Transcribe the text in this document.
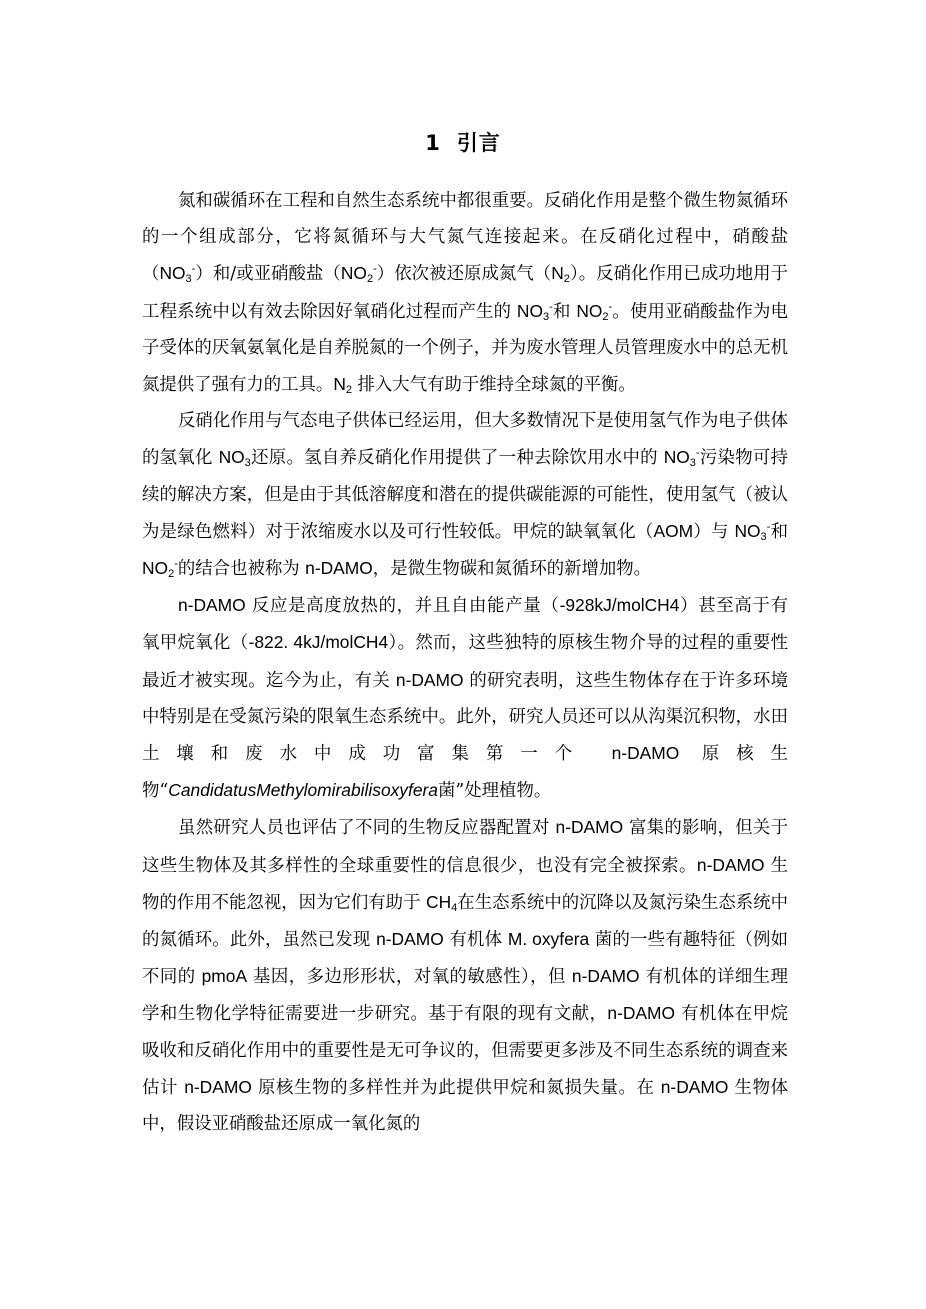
1 引言

氮和碳循环在工程和自然生态系统中都很重要。反硝化作用是整个微生物氮循环的一个组成部分，它将氮循环与大气氮气连接起来。在反硝化过程中，硝酸盐$(NO_3^-)$和/或亚硝酸盐$(NO_2^-)$依次被还原成氮气$(N_2)$。反硝化作用已成功地用于工程系统中以有效去除因好氧硝化过程而产生的 $NO_3^-$和 $NO_2^-$。使用亚硝酸盐作为电子受体的厌氧氨氧化是自养脱氮的一个例子，并为废水管理人员管理废水中的总无机氮提供了强有力的工具。$N_2$ 排入大气有助于维持全球氮的平衡。

反硝化作用与气态电子供体已经运用，但大多数情况下是使用氢气作为电子供体的氢氧化 $NO_3$还原。氢自养反硝化作用提供了一种去除饮用水中的 $NO_3^-$污染物可持续的解决方案，但是由于其低溶解度和潜在的提供碳能源的可能性，使用氢气（被认为是绿色燃料）对于浓缩废水以及可行性较低。甲烷的缺氧氧化（AOM）与 $NO_3^-$和 $NO_2^-$的结合也被称为 n-DAMO，是微生物碳和氮循环的新增加物。

n-DAMO 反应是高度放热的，并且自由能产量（-928kJ/molCH4）甚至高于有氧甲烷氧化（-822. 4kJ/molCH4）。然而，这些独特的原核生物介导的过程的重要性最近才被实现。迄今为止，有关 n-DAMO 的研究表明，这些生物体存在于许多环境中特别是在受氮污染的限氧生态系统中。此外，研究人员还可以从沟渠沉积物，水田土壤和废水中成功富集第一个 n-DAMO 原核生物“CandidatusMethylomirabilisoxyfera菌”处理植物。

虽然研究人员也评估了不同的生物反应器配置对 n-DAMO 富集的影响，但关于这些生物体及其多样性的全球重要性的信息很少，也没有完全被探索。n-DAMO 生物的作用不能忽视，因为它们有助于 $CH_4$在生态系统中的沉降以及氮污染生态系统中的氮循环。此外，虽然已发现 n-DAMO 有机体 M. oxyfera 菌的一些有趣特征（例如不同的 pmoA 基因，多边形形状，对氧的敏感性），但 n-DAMO 有机体的详细生理学和生物化学特征需要进一步研究。基于有限的现有文献，n-DAMO 有机体在甲烷吸收和反硝化作用中的重要性是无可争议的，但需要更多涉及不同生态系统的调查来估计 n-DAMO 原核生物的多样性并为此提供甲烷和氮损失量。在 n-DAMO 生物体中，假设亚硝酸盐还原成一氧化氮的
